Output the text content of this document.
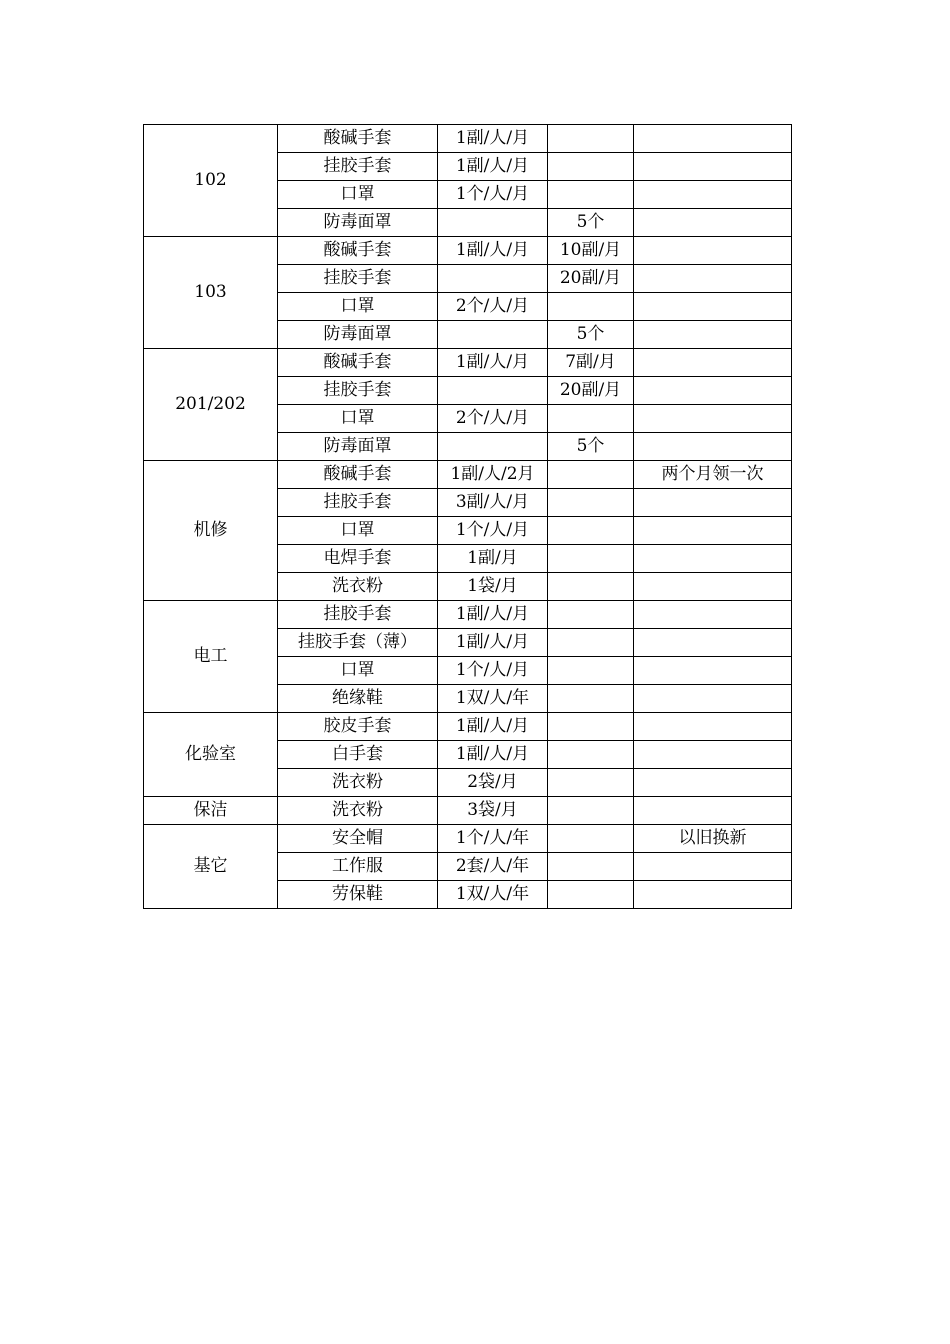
102	酸碱手套	1副/人/月		
	挂胶手套	1副/人/月		
	口罩	1个/人/月		
	防毒面罩		5个	
103	酸碱手套	1副/人/月	10副/月	
	挂胶手套		20副/月	
	口罩	2个/人/月		
	防毒面罩		5个	
201/202	酸碱手套	1副/人/月	7副/月	
	挂胶手套		20副/月	
	口罩	2个/人/月		
	防毒面罩		5个	
机修	酸碱手套	1副/人/2月		两个月领一次
	挂胶手套	3副/人/月		
	口罩	1个/人/月		
	电焊手套	1副/月		
	洗衣粉	1袋/月		
电工	挂胶手套	1副/人/月		
	挂胶手套（薄）	1副/人/月		
	口罩	1个/人/月		
	绝缘鞋	1双/人/年		
化验室	胶皮手套	1副/人/月		
	白手套	1副/人/月		
	洗衣粉	2袋/月		
保洁	洗衣粉	3袋/月		
基它	安全帽	1个/人/年		以旧换新
	工作服	2套/人/年		
	劳保鞋	1双/人/年		
